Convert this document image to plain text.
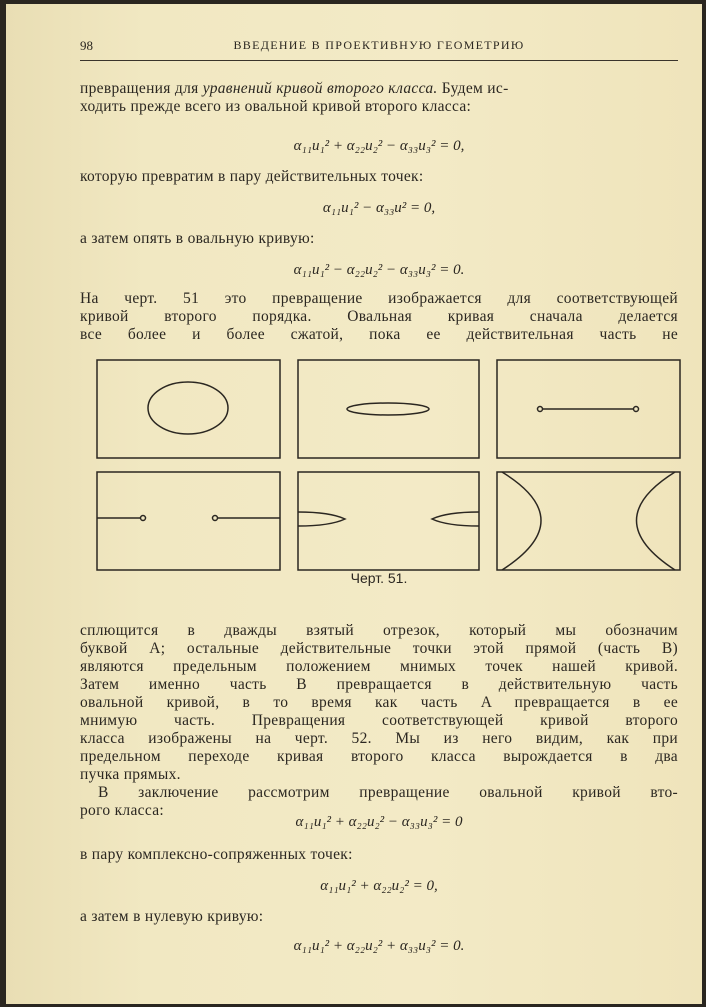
98	ВВЕДЕНИЕ В ПРОЕКТИВНУЮ ГЕОМЕТРИЮ
превращения для уравнений кривой второго класса. Будем ис-
ходить прежде всего из овальной кривой второго класса:
α₁₁u₁² + α₂₂u₂² − α₃₃u₃² = 0,
которую превратим в пару действительных точек:
α₁₁u₁² − α₃₃u² = 0,
а затем опять в овальную кривую:
α₁₁u₁² − α₂₂u₂² − α₃₃u₃² = 0.
На черт. 51 это превращение изображается для соответствующей
кривой второго порядка. Овальная кривая сначала делается
все более и более сжатой, пока ее действительная часть не
Черт. 51.
сплющится в дважды взятый отрезок, который мы обозначим
буквой A; остальные действительные точки этой прямой (часть B)
являются предельным положением мнимых точек нашей кривой.
Затем именно часть B превращается в действительную часть
овальной кривой, в то время как часть A превращается в ее
мнимую часть. Превращения соответствующей кривой второго
класса изображены на черт. 52. Мы из него видим, как при
предельном переходе кривая второго класса вырождается в два
пучка прямых.
В заключение рассмотрим превращение овальной кривой вто-
рого класса:
α₁₁u₁² + α₂₂u₂² − α₃₃u₃² = 0
в пару комплексно-сопряженных точек:
α₁₁u₁² + α₂₂u₂² = 0,
а затем в нулевую кривую:
α₁₁u₁² + α₂₂u₂² + α₃₃u₃² = 0.
